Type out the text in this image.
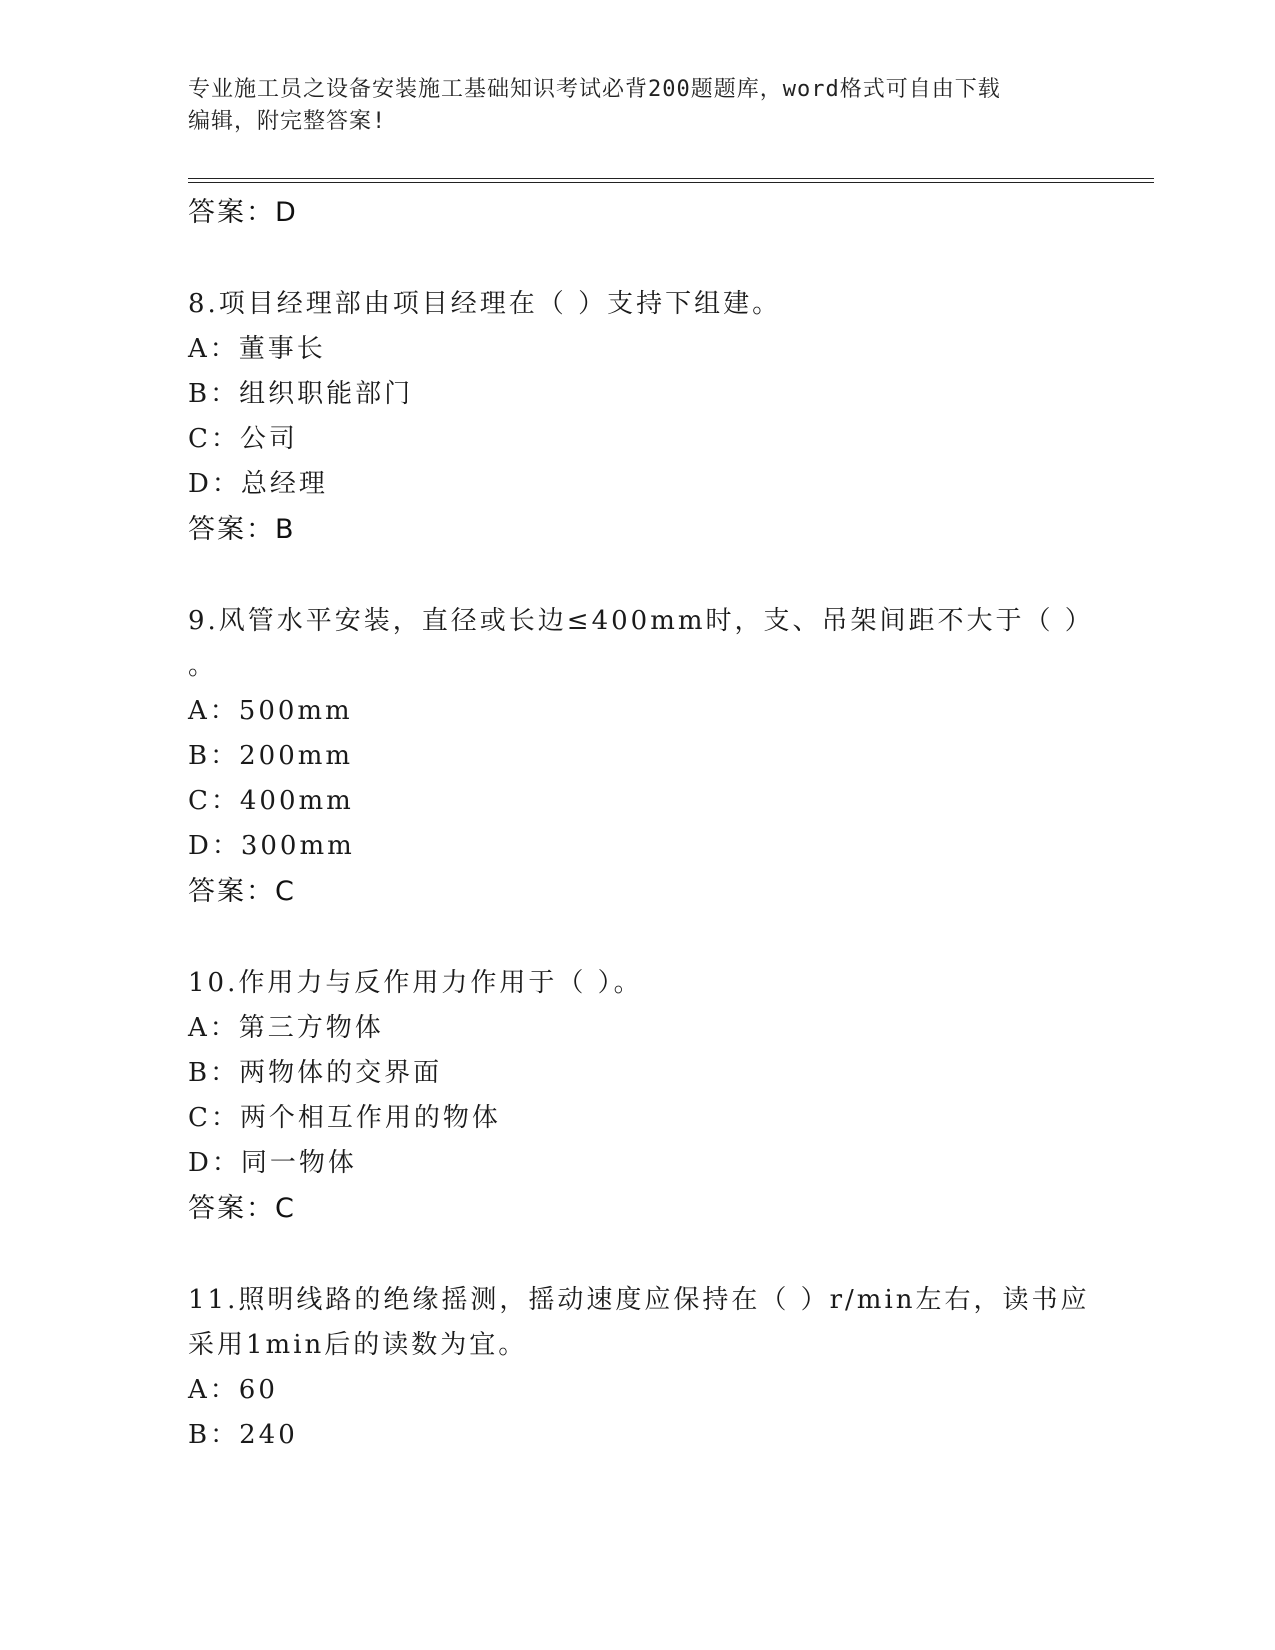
专业施工员之设备安装施工基础知识考试必背200题题库，word格式可自由下载
编辑，附完整答案!
答案：D
8.项目经理部由项目经理在（ ）支持下组建。
A：董事长
B：组织职能部门
C：公司
D：总经理
答案：B
9.风管水平安装，直径或长边≤400mm时，支、吊架间距不大于（ ）
。
A：500mm
B：200mm
C：400mm
D：300mm
答案：C
10.作用力与反作用力作用于（ ）。
A：第三方物体
B：两物体的交界面
C：两个相互作用的物体
D：同一物体
答案：C
11.照明线路的绝缘摇测，摇动速度应保持在（ ）r/min左右，读书应
采用1min后的读数为宜。
A：60
B：240
